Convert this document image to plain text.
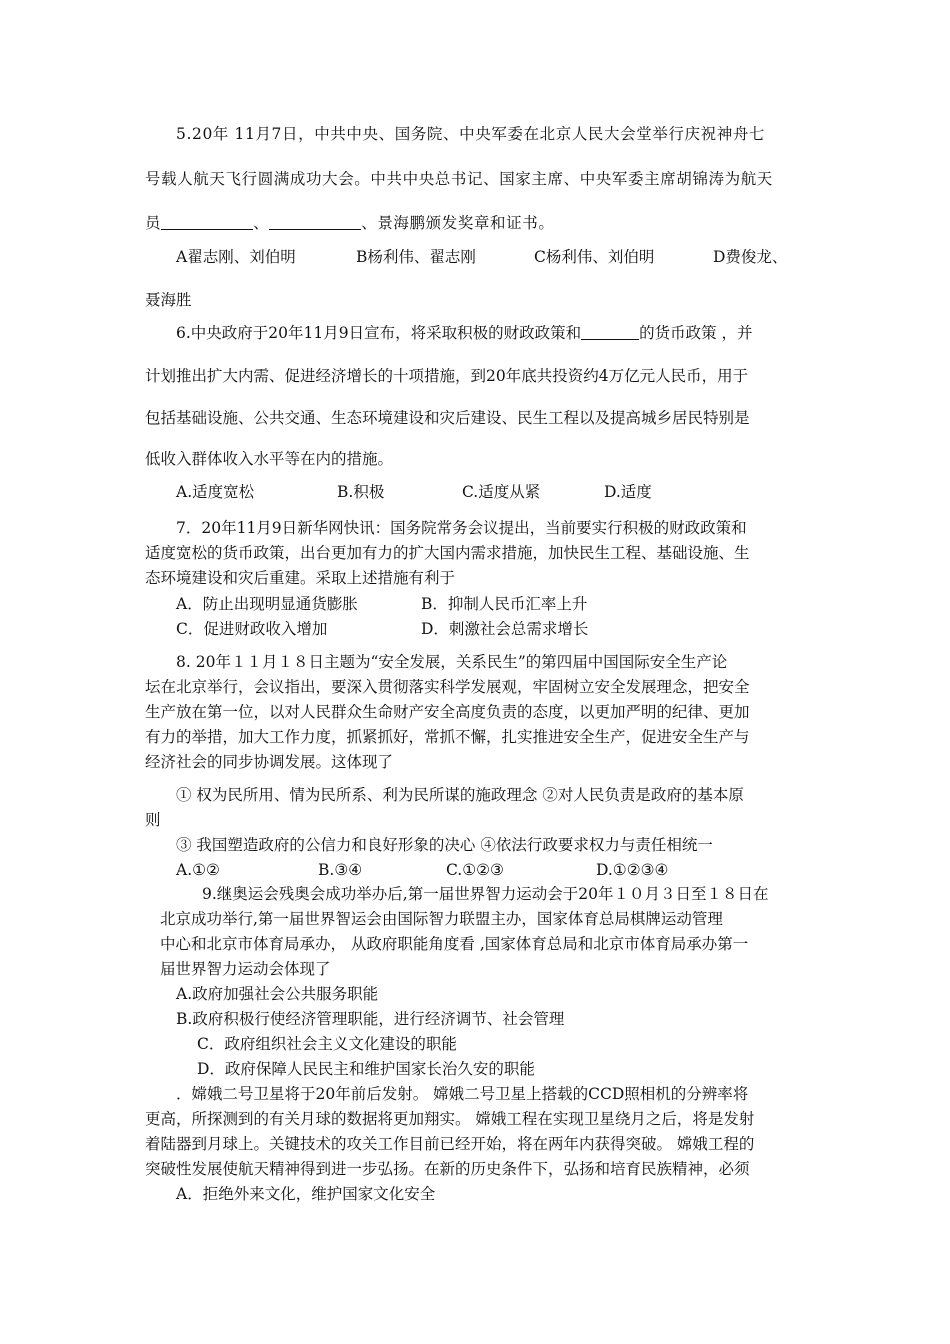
5.20年 11月7日，中共中央、国务院、中央军委在北京人民大会堂举行庆祝神舟七
号载人航天飞行圆满成功大会。中共中央总书记、国家主席、中央军委主席胡锦涛为航天
员	、	、景海鹏颁发奖章和证书。
A翟志刚、刘伯明	B杨利伟、翟志刚	C杨利伟、刘伯明	D费俊龙、
聂海胜
6.中央政府于20年11月9日宣布，将采取积极的财政政策和	的货币政策 ，并
计划推出扩大内需、促进经济增长的十项措施，到20年底共投资约4万亿元人民币，用于
包括基础设施、公共交通、生态环境建设和灾后建设、民生工程以及提高城乡居民特别是
低收入群体收入水平等在内的措施。
A.适度宽松	B.积极	C.适度从紧	D.适度
7．20年11月9日新华网快讯：国务院常务会议提出，当前要实行积极的财政政策和
适度宽松的货币政策，出台更加有力的扩大国内需求措施，加快民生工程、基础设施、生
态环境建设和灾后重建。采取上述措施有利于
A．防止出现明显通货膨胀	B．抑制人民币汇率上升
C．促进财政收入增加	D．刺激社会总需求增长
8. 20年１１月１８日主题为“安全发展，关系民生”的第四届中国国际安全生产论
坛在北京举行，会议指出，要深入贯彻落实科学发展观，牢固树立安全发展理念，把安全
生产放在第一位，以对人民群众生命财产安全高度负责的态度，以更加严明的纪律、更加
有力的举措，加大工作力度，抓紧抓好，常抓不懈，扎实推进安全生产，促进安全生产与
经济社会的同步协调发展。这体现了
① 权为民所用、情为民所系、利为民所谋的施政理念 ②对人民负责是政府的基本原
则
③ 我国塑造政府的公信力和良好形象的决心 ④依法行政要求权力与责任相统一
A.①②	B.③④	C.①②③	D.①②③④
9.继奥运会残奥会成功举办后,第一届世界智力运动会于20年１０月３日至１８日在
北京成功举行,第一届世界智运会由国际智力联盟主办，国家体育总局棋牌运动管理
中心和北京市体育局承办， 从政府职能角度看 ,国家体育总局和北京市体育局承办第一
届世界智力运动会体现了
A.政府加强社会公共服务职能
B.政府积极行使经济管理职能，进行经济调节、社会管理
C．政府组织社会主义文化建设的职能
D．政府保障人民民主和维护国家长治久安的职能
．嫦娥二号卫星将于20年前后发射。 嫦娥二号卫星上搭载的CCD照相机的分辨率将
更高，所探测到的有关月球的数据将更加翔实。 嫦娥工程在实现卫星绕月之后，将是发射
着陆器到月球上。关键技术的攻关工作目前已经开始，将在两年内获得突破。 嫦娥工程的
突破性发展使航天精神得到进一步弘扬。在新的历史条件下，弘扬和培育民族精神，必须
A．拒绝外来文化，维护国家文化安全
